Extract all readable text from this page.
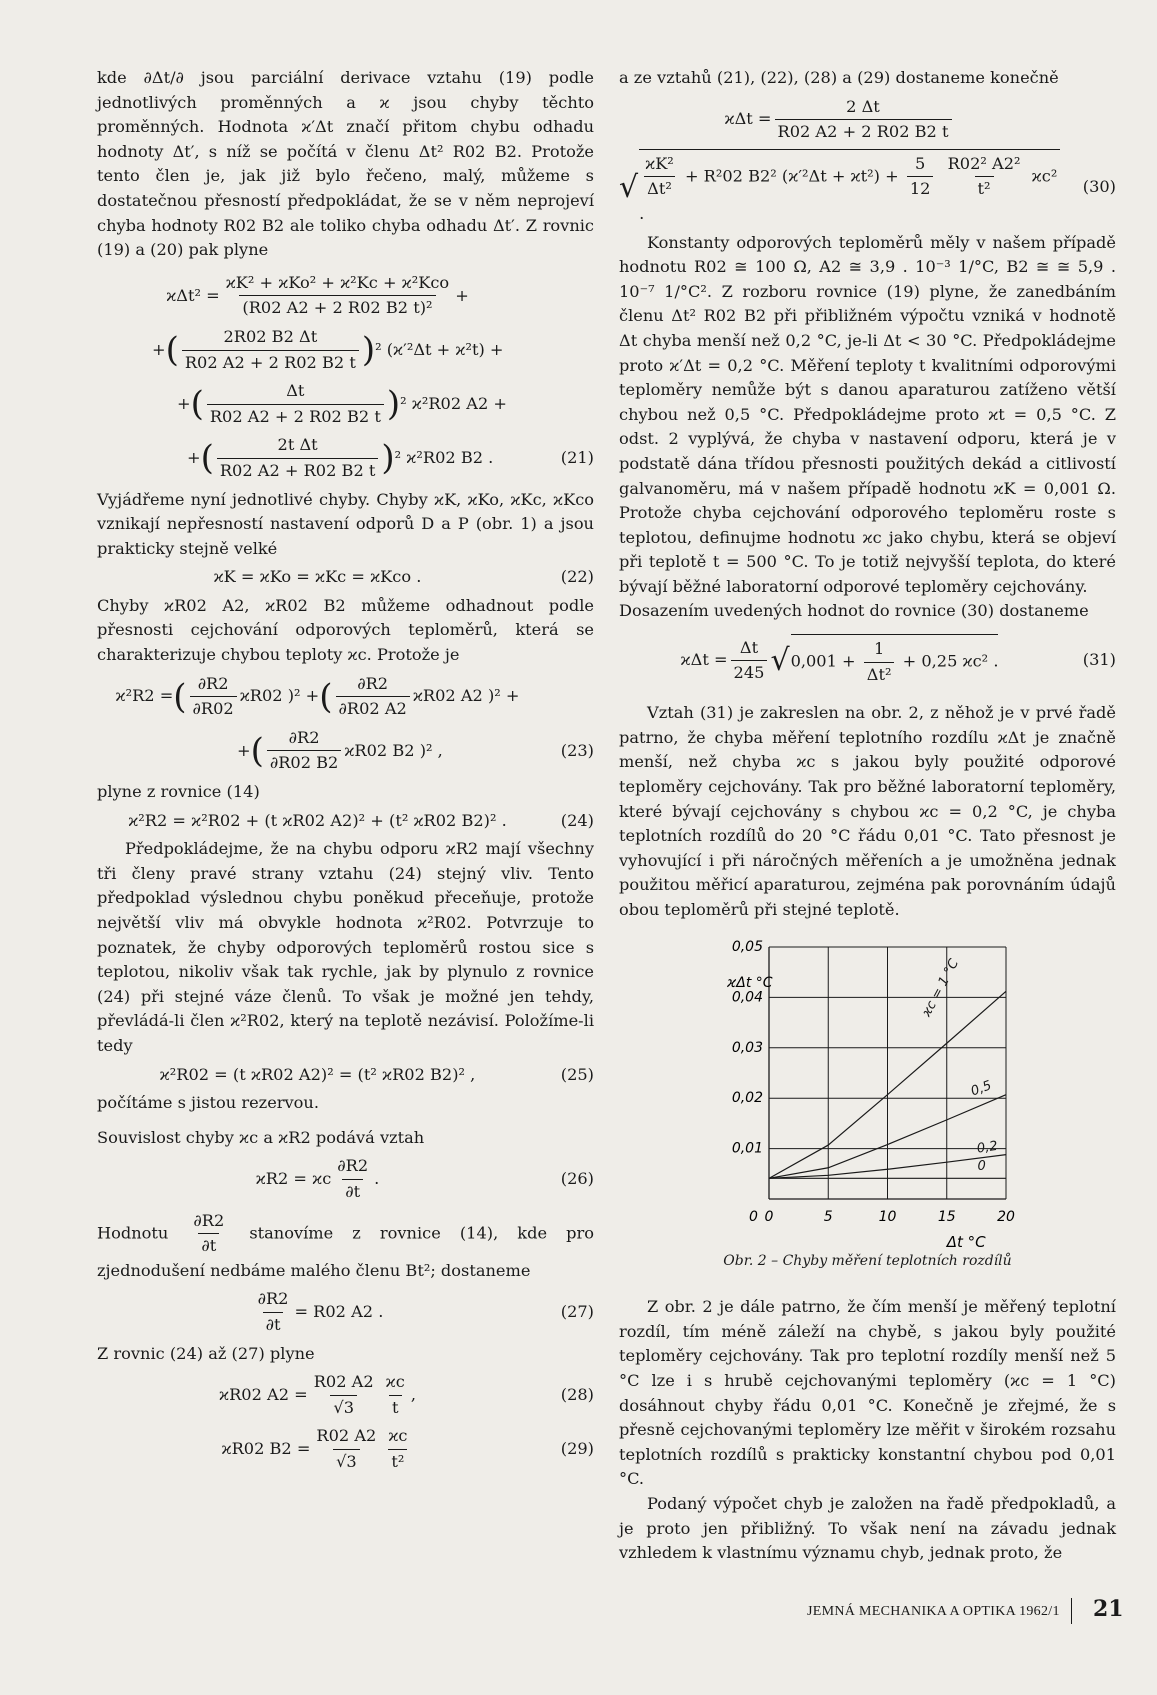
kde ∂Δt/∂ jsou parciální derivace vztahu (19) podle jednotlivých proměnných a ϰ jsou chyby těchto proměnných. Hodnota ϰ′Δt značí přitom chybu odhadu hodnoty Δt′, s níž se počítá v členu Δt² R02 B2. Protože tento člen je, jak již bylo řečeno, malý, můžeme s dostatečnou přesností předpokládat, že se v něm neprojeví chyba hodnoty R02 B2 ale toliko chyba odhadu Δt′. Z rovnic (19) a (20) pak plyne

$ϰ\Delta t^2 = \frac{\text{ϰK² + ϰKo² + ϰ²Kc + ϰ²Kco}}{\text{(R02 A2 + 2 R02 B2 t)²}}$ +
+ ( $\frac{2R02 B2 \Delta t}{R02 A2 + 2 R02 B2 t}$ ) ² (ϰ′²Δt + ϰ²t) +
+ ( $\frac{\Delta t}{R02 A2 + 2 R02 B2 t}$ ) ² ϰ²R02 A2 +
+ ( $\frac{\text{2t Δt}}{R02 A2 + R02 B2 t}$ ) ² ϰ²R02 B2 .	(21)

Vyjádřeme nyní jednotlivé chyby. Chyby ϰK, ϰKo, ϰKc, ϰKco vznikají nepřesností nastavení odporů D a P (obr. 1) a jsou prakticky stejně velké

ϰK = ϰKo = ϰKc = ϰKco .	(22)

Chyby ϰR02 A2, ϰR02 B2 můžeme odhadnout podle přesnosti cejchování odporových teploměrů, která se charakterizuje chybou teploty ϰc. Protože je

ϰ²R2 = ( $\frac{\partial R2}{\partial R02} ϰR02$ )² + ( $\frac{\partial R2}{\partial R02 A2} ϰR02$ A2 )² +
+ ( $\frac{\partial R2}{\partial R02 B2} ϰR02$ B2 )² ,	(23)

plyne z rovnice (14)

ϰ²R2 = ϰ²R02 + (t ϰR02 A2)² + (t² ϰR02 B2)² .	(24)

Předpokládejme, že na chybu odporu ϰR2 mají všechny tři členy pravé strany vztahu (24) stejný vliv. Tento předpoklad výslednou chybu poněkud přeceňuje, protože největší vliv má obvykle hodnota ϰ²R02. Potvrzuje to poznatek, že chyby odporových teploměrů rostou sice s teplotou, nikoliv však tak rychle, jak by plynulo z rovnice (24) při stejné váze členů. To však je možné jen tehdy, převládá-li člen ϰ²R02, který na teplotě nezávisí. Položíme-li tedy

ϰ²R02 = (t ϰR02 A2)² = (t² ϰR02 B2)² ,	(25)

počítáme s jistou rezervou.

Souvislost chyby ϰc a ϰR2 podává vztah

ϰR2 = ϰc $\frac{\partial R2}{\partial t}$ .	(26)

Hodnotu $\frac{\partial R2}{\partial t}$ stanovíme z rovnice (14), kde pro zjednodušení nedbáme malého členu Bt²; dostaneme

$\frac{\partial R2}{\partial t} = R02$ A2 .	(27)

Z rovnic (24) až (27) plyne

ϰR02 $A2 = \frac{R02 A2}{√3} \frac{ϰc}{t}$ ,	(28)
ϰR02 $B2 = \frac{R02 A2}{√3} \frac{ϰc}{\text{t²}}$	(29)

a ze vztahů (21), (22), (28) a (29) dostaneme konečně

$ϰ\Delta t = \frac{2 \Delta t}{R02 A2 + 2 R02 B2 t}$
√ $\frac{\text{ϰK²}}{\text{Δt²}} + R^202$ B2² $(ϰ'^2\Delta t + ϰt^2) + \frac{5}{12}$
$\frac{\text{R02² A2²}}{\text{t²}} ϰc^2$ .
(30)

Konstanty odporových teploměrů měly v našem případě hodnotu R02 ≅ 100 Ω, A2 ≅ 3,9 . 10⁻³ 1/°C, B2 ≅ ≅ 5,9 . 10⁻⁷ 1/°C². Z rozboru rovnice (19) plyne, že zanedbáním členu Δt² R02 B2 při přibližném výpočtu vzniká v hodnotě Δt chyba menší než 0,2 °C, je-li Δt < 30 °C. Předpokládejme proto ϰ′Δt = 0,2 °C. Měření teploty t kvalitními odporovými teploměry nemůže být s danou aparaturou zatíženo větší chybou než 0,5 °C. Předpokládejme proto ϰt = 0,5 °C. Z odst. 2 vyplývá, že chyba v nastavení odporu, která je v podstatě dána třídou přesnosti použitých dekád a citlivostí galvanoměru, má v našem případě hodnotu ϰK = 0,001 Ω. Protože chyba cejchování odporového teploměru roste s teplotou, definujme hodnotu ϰc jako chybu, která se objeví při teplotě t = 500 °C. To je totiž nejvyšší teplota, do které bývají běžné laboratorní odporové teploměry cejchovány.

Dosazením uvedených hodnot do rovnice (30) dostaneme

$ϰ\Delta t = \frac{\Delta t}{245}$ √ $0,001 + \frac{1}{\text{Δt²}} + 0,25$ ϰc² .	(31)

Vztah (31) je zakreslen na obr. 2, z něhož je v prvé řadě patrno, že chyba měření teplotního rozdílu ϰΔt je značně menší, než chyba ϰc s jakou byly použité odporové teploměry cejchovány. Tak pro běžné laboratorní teploměry, které bývají cejchovány s chybou ϰc = 0,2 °C, je chyba teplotních rozdílů do 20 °C řádu 0,01 °C. Tato přesnost je vyhovující i při náročných měřeních a je umožněna jednak použitou měřicí aparaturou, zejména pak porovnáním údajů obou teploměrů při stejné teplotě.

0	5	10	15	20
0,01
0,02
0,03
0,04
0,05
0
ϰΔt °C
Δt °C
ϰc = 1 °C
0,5
0,2
0
Obr. 2 – Chyby měření teplotních rozdílů

Z obr. 2 je dále patrno, že čím menší je měřený teplotní rozdíl, tím méně záleží na chybě, s jakou byly použité teploměry cejchovány. Tak pro teplotní rozdíly menší než 5 °C lze i s hrubě cejchovanými teploměry (ϰc = 1 °C) dosáhnout chyby řádu 0,01 °C. Konečně je zřejmé, že s přesně cejchovanými teploměry lze měřit v širokém rozsahu teplotních rozdílů s prakticky konstantní chybou pod 0,01 °C.

Podaný výpočet chyb je založen na řadě předpokladů, a je proto jen přibližný. To však není na závadu jednak vzhledem k vlastnímu významu chyb, jednak proto, že

JEMNÁ MECHANIKA A OPTIKA 1962/1 21
